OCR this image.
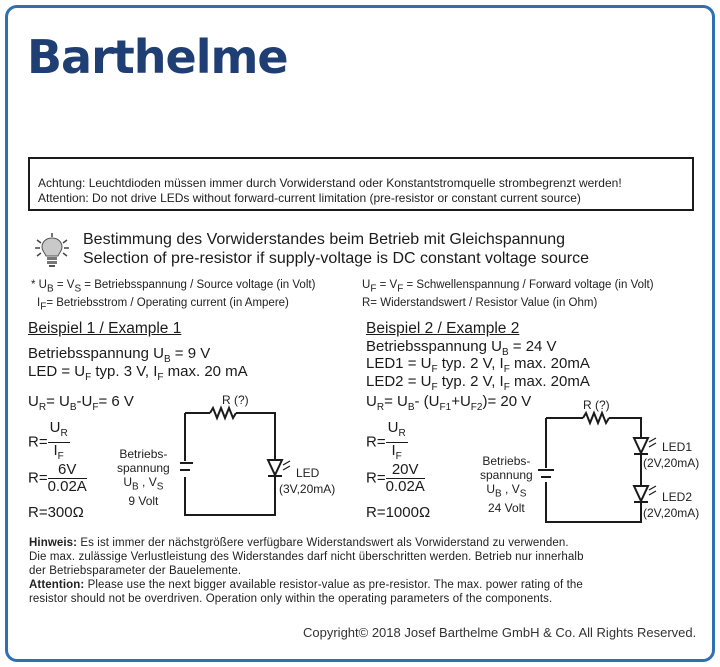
Barthelme
Achtung: Leuchtdioden müssen immer durch Vorwiderstand oder Konstantstromquelle strombegrenzt werden!
Attention: Do not drive LEDs without forward-current limitation (pre-resistor or constant current source)
Bestimmung des Vorwiderstandes beim Betrieb mit Gleichspannung
Selection of pre-resistor if supply-voltage is DC constant voltage source
* $U_B = V_S$ = Betriebsspannung / Source voltage (in Volt)
$I_F=$ Betriebsstrom / Operating current (in Ampere)
$U_F = V_F$ = Schwellenspannung / Forward voltage (in Volt)
R= Widerstandswert / Resistor Value (in Ohm)
Beispiel 1 / Example 1
Betriebsspannung $U_B = 9$ V
LED = $U_F$ typ. 3 V, $I_F$ max. 20 mA
$U_R= U_B-U_F= 6$ V
$R= \frac{U_R}{I_F}$
$R= \frac{6V}{0.02A}$
R=300Ω
R (?)
Betriebs-
spannung
$U_B$ , $V_S$
9 Volt
LED
(3V,20mA)
Beispiel 2 / Example 2
Betriebsspannung $U_B = 24$ V
$LED1 = U_F$ typ. 2 V, $I_F$ max. 20mA
$LED2 = U_F$ typ. 2 V, $I_F$ max. 20mA
$U_R= U_B-$ $(U_{F1}+U_{F2})= 20$ V
$R= \frac{U_R}{I_F}$
$R= \frac{20V}{0.02A}$
R=1000Ω
R (?)
Betriebs-
spannung
$U_B$ , $V_S$
24 Volt
LED1
(2V,20mA)
LED2
(2V,20mA)
Hinweis: Es ist immer der nächstgrößere verfügbare Widerstandswert als Vorwiderstand zu verwenden.
Die max. zulässige Verlustleistung des Widerstandes darf nicht überschritten werden. Betrieb nur innerhalb
der Betriebsparameter der Bauelemente.
Attention: Please use the next bigger available resistor-value as pre-resistor. The max. power rating of the
resistor should not be overdriven. Operation only within the operating parameters of the components.
Copyright© 2018 Josef Barthelme GmbH & Co. All Rights Reserved.
